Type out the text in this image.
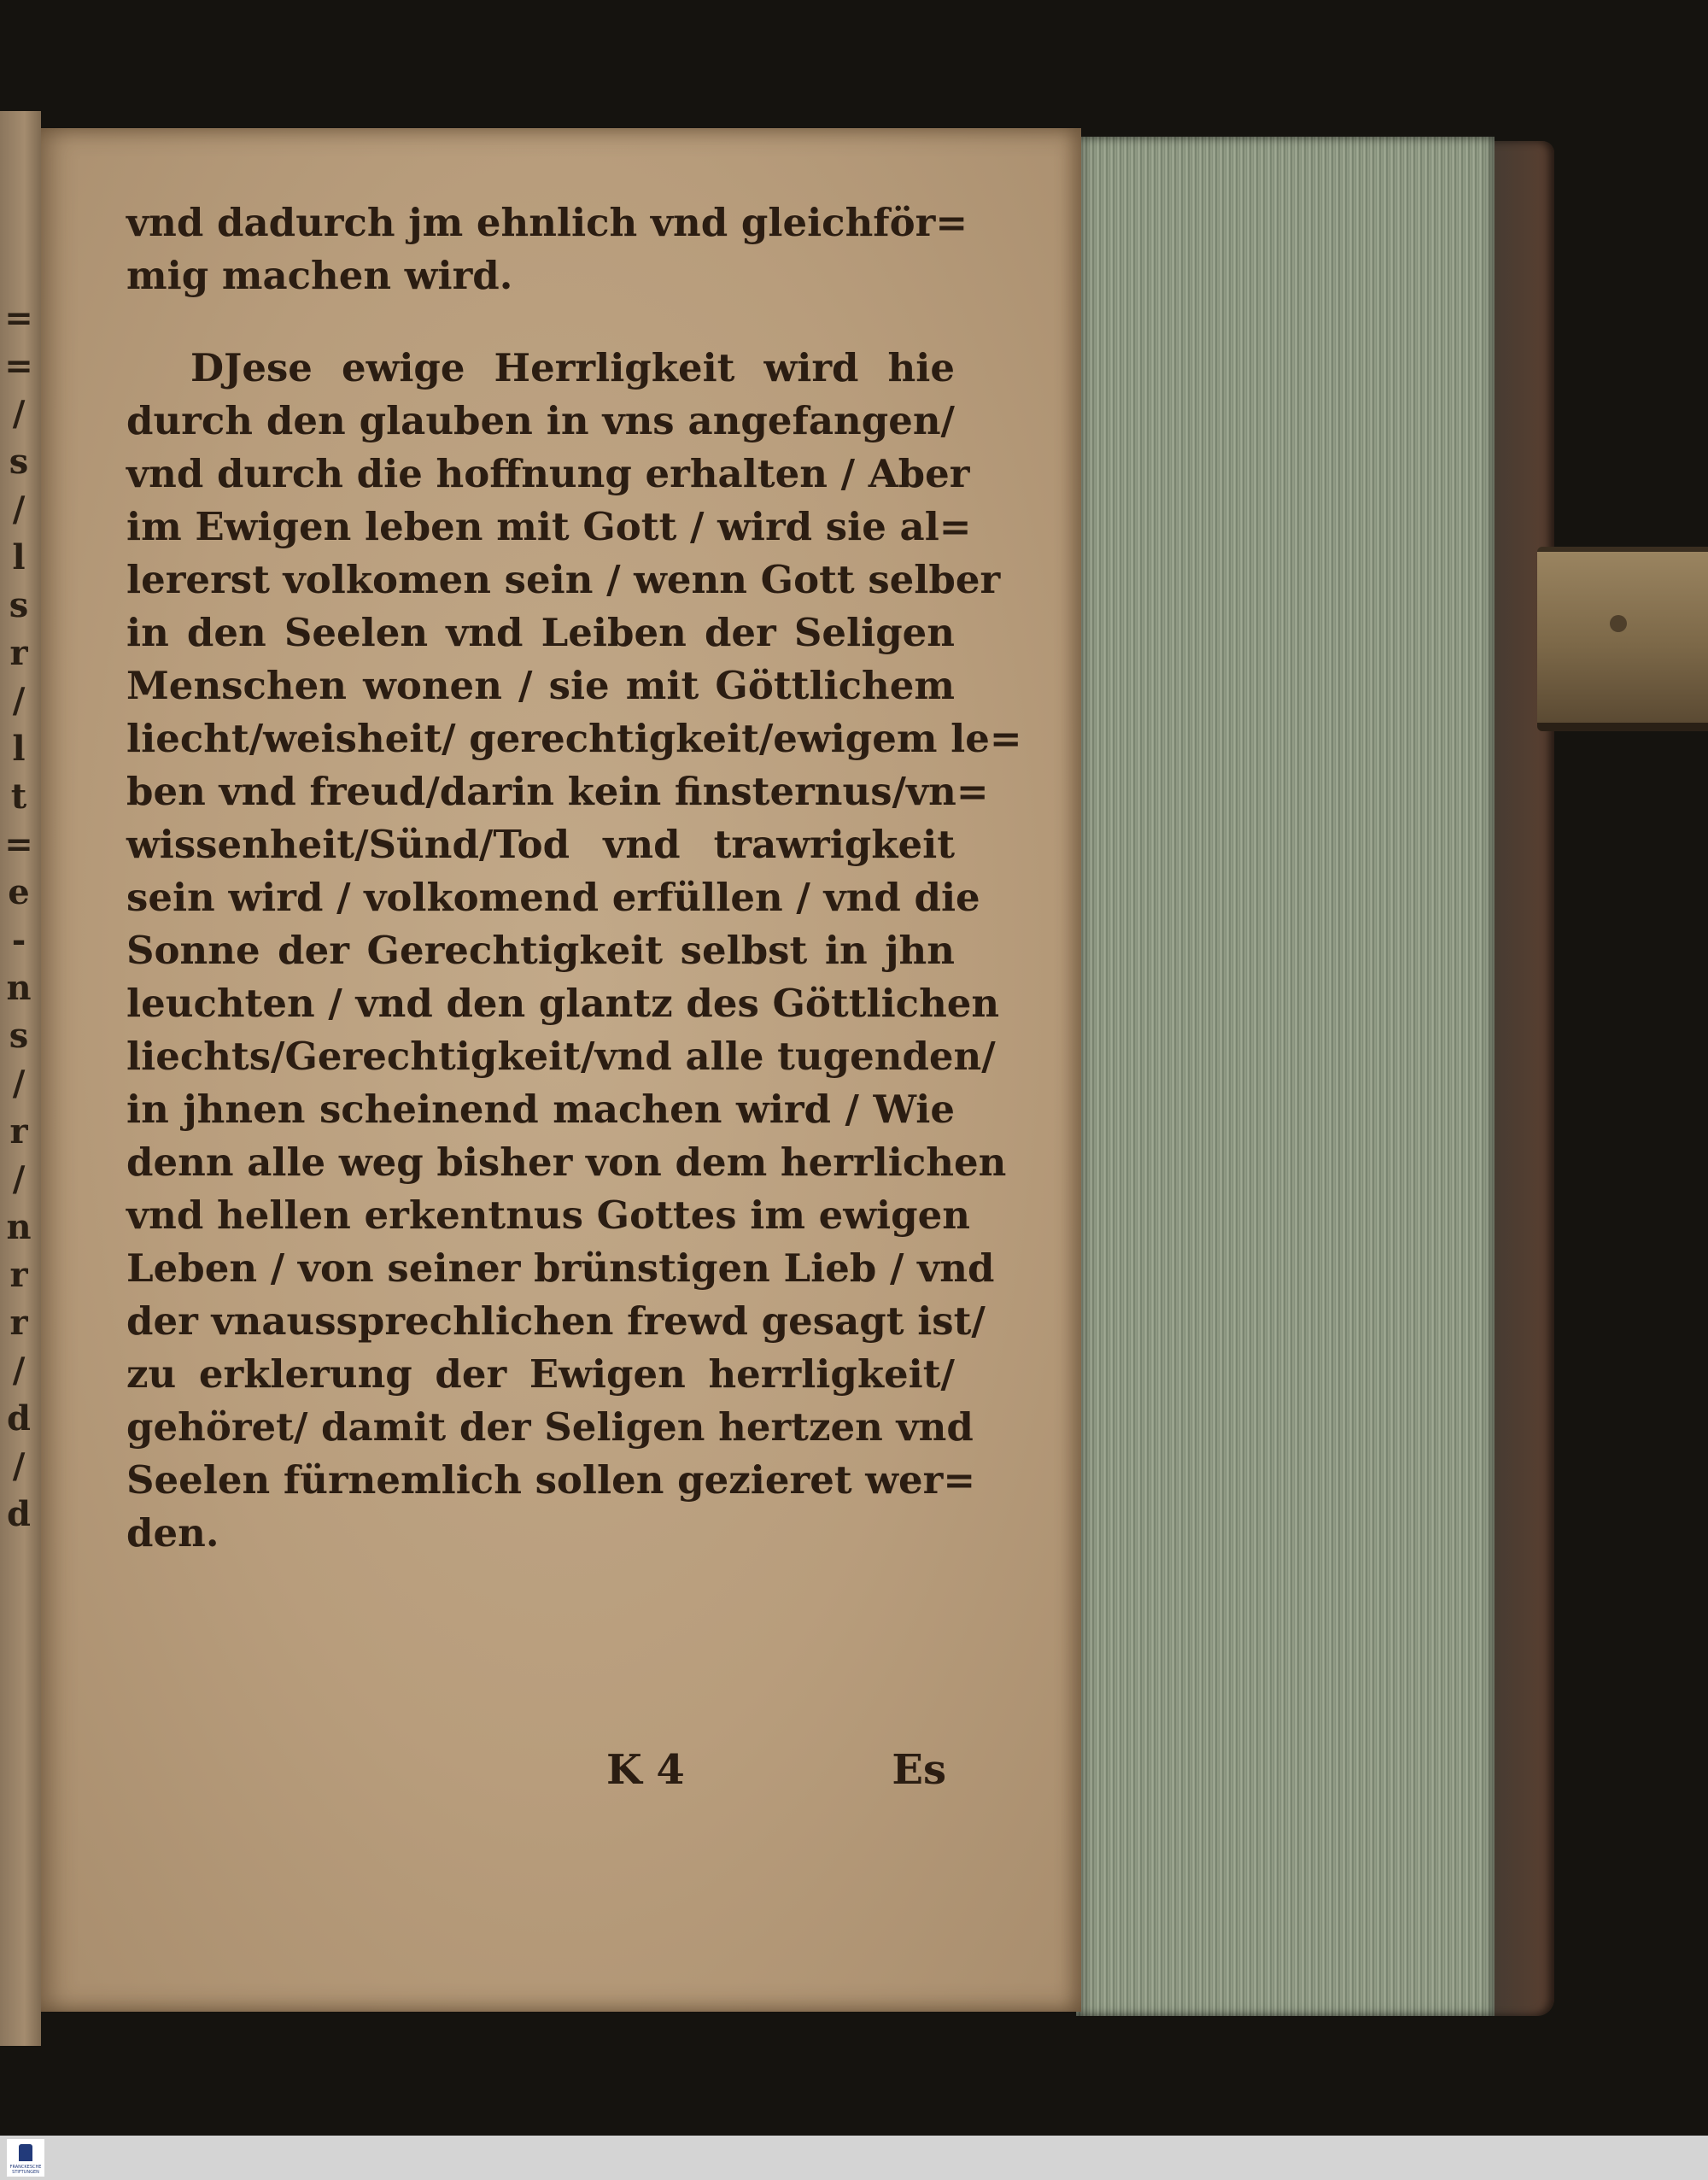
=
=
/
s
/
l
s
r
/
l
t
=
e
-
n
s
/
r
/
n
r
r
/
d
/
d
vnd dadurch jm ehnlich vnd gleichför=
mig machen wird.
DJese ewige Herrligkeit wird hie
durch den glauben in vns angefangen/
vnd durch die hoffnung erhalten / Aber
im Ewigen leben mit Gott / wird sie al=
lererst volkomen sein / wenn Gott selber
in den Seelen vnd Leiben der Seligen
Menschen wonen / sie mit Göttlichem
liecht/weisheit/ gerechtigkeit/ewigem le=
ben vnd freud/darin kein finsternus/vn=
wissenheit/Sünd/Tod vnd trawrigkeit
sein wird / volkomend erfüllen / vnd die
Sonne der Gerechtigkeit selbst in jhn
leuchten / vnd den glantz des Göttlichen
liechts/Gerechtigkeit/vnd alle tugenden/
in jhnen scheinend machen wird / Wie
denn alle weg bisher von dem herrlichen
vnd hellen erkentnus Gottes im ewigen
Leben / von seiner brünstigen Lieb / vnd
der vnaussprechlichen frewd gesagt ist/
zu erklerung der Ewigen herrligkeit/
gehöret/ damit der Seligen hertzen vnd
Seelen fürnemlich sollen gezieret wer=
den.
K 4	Es
FRANCKESCHE STIFTUNGEN
